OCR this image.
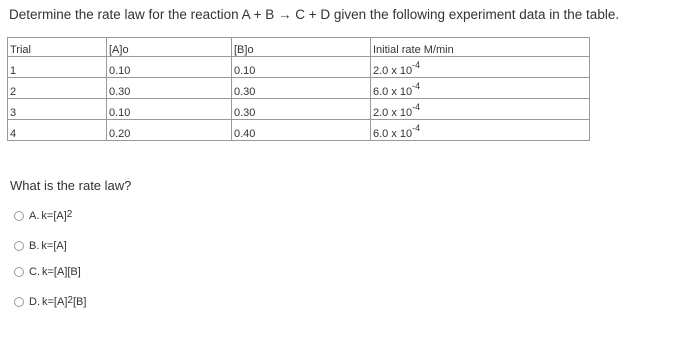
Determine the rate law for the reaction A + B → C + D given the following experiment data in the table.
Trial	[A]o	[B]o	Initial rate M/min
1	0.10	0.10	2.0 x $10^{-4}$
2	0.30	0.30	6.0 x $10^{-4}$
3	0.10	0.30	2.0 x $10^{-4}$
4	0.20	0.40	6.0 x $10^{-4}$
What is the rate law?
A. $k=[A]^2$
B. k=[A]
C. k=[A][B]
D. $k=[A]^2$ [B]
